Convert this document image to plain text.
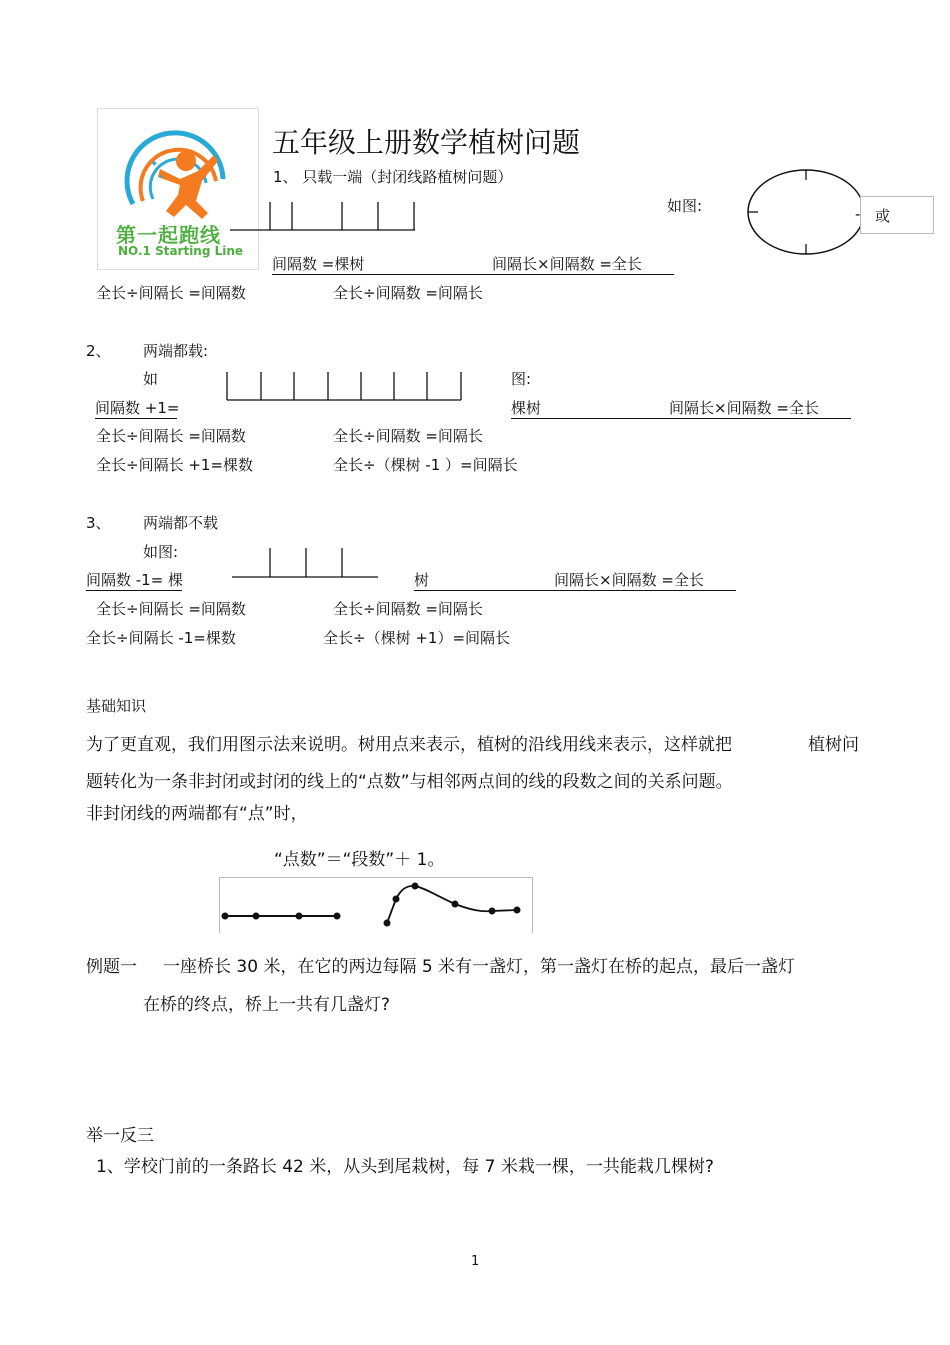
✦
✦
第一起跑线
NO.1 Starting Line
五年级上册数学植树问题
1、 只载一端（封闭线路植树问题）
如图:	- 或
间隔数 =棵树	间隔长×间隔数 =全长
全长÷间隔长 =间隔数	全长÷间隔数 =间隔长
2、 两端都载:
如	图:
间隔数 +1=	棵树	间隔长×间隔数 =全长
全长÷间隔长 =间隔数	全长÷间隔数 =间隔长
全长÷间隔长 +1=棵数	全长÷（棵树 -1 ）=间隔长
3、 两端都不载
如图:
间隔数 -1= 棵	树	间隔长×间隔数 =全长
全长÷间隔长 =间隔数	全长÷间隔数 =间隔长
全长÷间隔长 -1=棵数	全长÷（棵树 +1）=间隔长
基础知识
为了更直观，我们用图示法来说明。树用点来表示，植树的沿线用线来表示，这样就把	植树问
题转化为一条非封闭或封闭的线上的“点数”与相邻两点间的线的段数之间的关系问题。
非封闭线的两端都有“点”时，
“点数”＝“段数”＋ 1。
例题一 一座桥长 30 米，在它的两边每隔 5 米有一盏灯，第一盏灯在桥的起点，最后一盏灯
在桥的终点，桥上一共有几盏灯?
举一反三
1、学校门前的一条路长 42 米，从头到尾栽树，每 7 米栽一棵，一共能栽几棵树?
1
